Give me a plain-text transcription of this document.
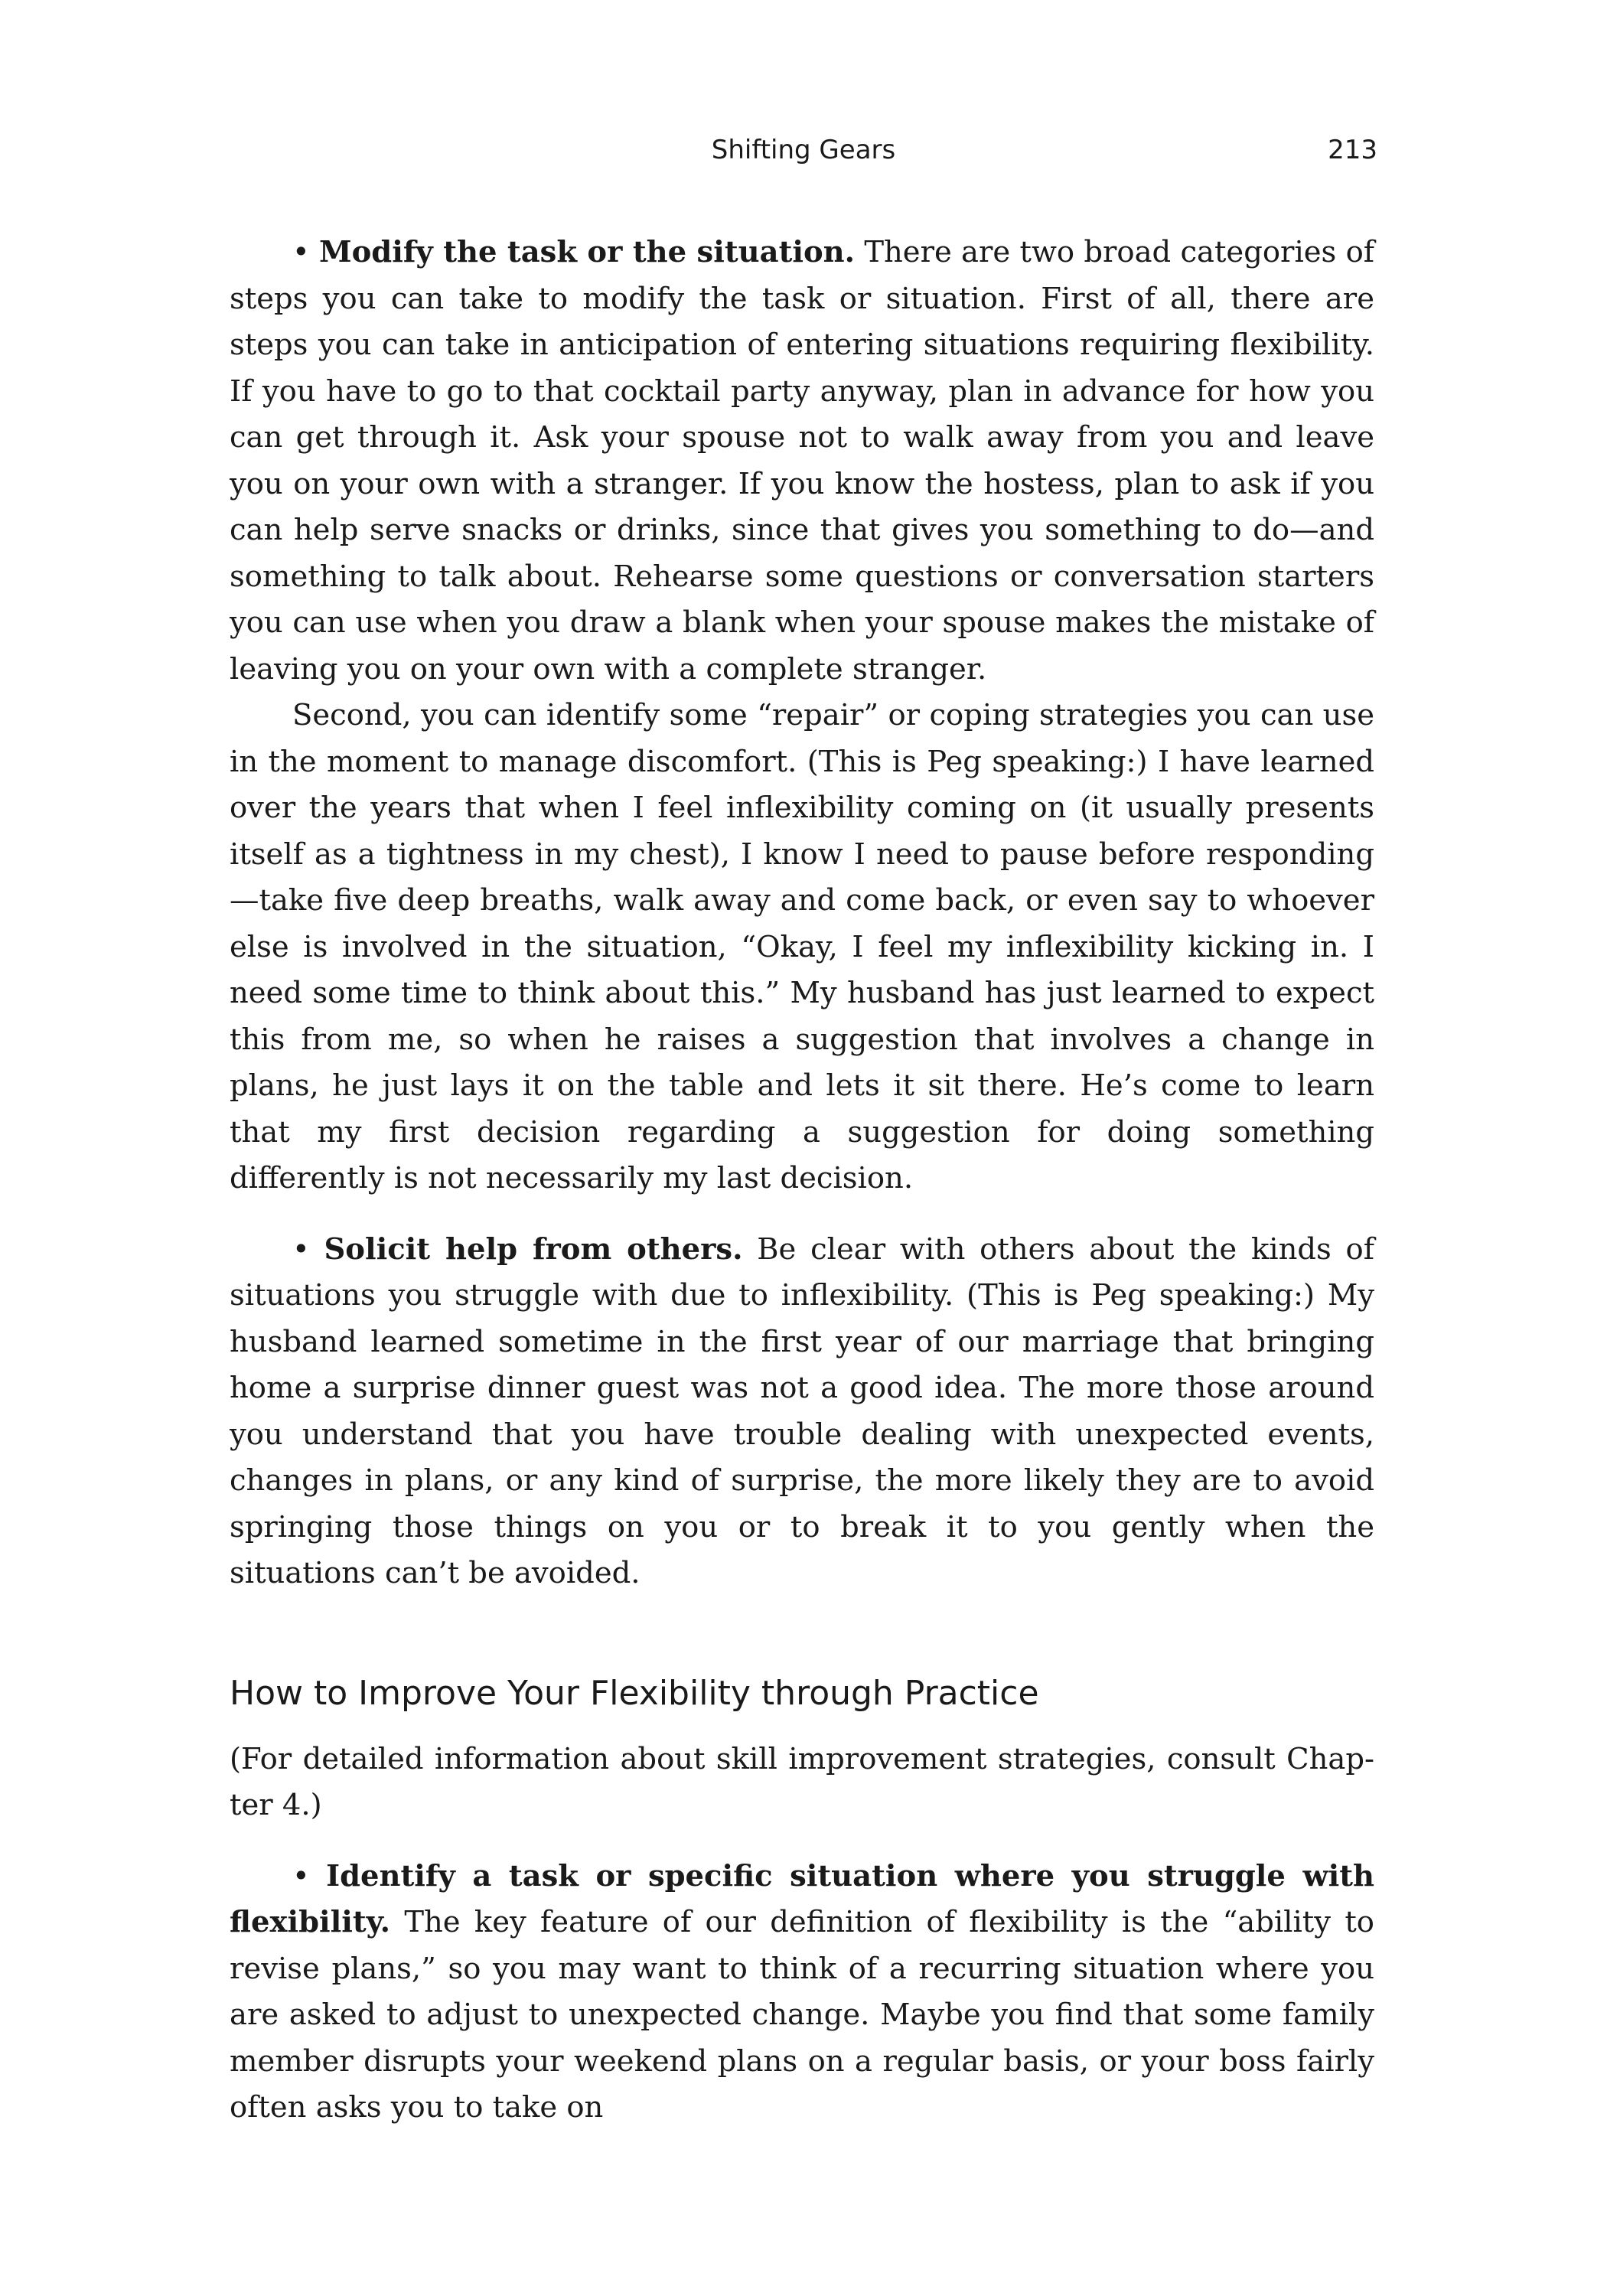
Shifting Gears	213

• Modify the task or the situation. There are two broad categories of steps you can take to modify the task or situation. First of all, there are steps you can take in anticipation of entering situations requiring flexibility. If you have to go to that cocktail party anyway, plan in advance for how you can get through it. Ask your spouse not to walk away from you and leave you on your own with a stranger. If you know the hostess, plan to ask if you can help serve snacks or drinks, since that gives you something to do—and something to talk about. Rehearse some questions or conversation starters you can use when you draw a blank when your spouse makes the mistake of leaving you on your own with a complete stranger.

Second, you can identify some “repair” or coping strategies you can use in the moment to manage discomfort. (This is Peg speaking:) I have learned over the years that when I feel inflexibility coming on (it usually presents itself as a tightness in my chest), I know I need to pause before responding—take five deep breaths, walk away and come back, or even say to whoever else is involved in the situation, “Okay, I feel my inflexibility kicking in. I need some time to think about this.” My husband has just learned to expect this from me, so when he raises a suggestion that involves a change in plans, he just lays it on the table and lets it sit there. He’s come to learn that my first decision regarding a suggestion for doing something differently is not necessarily my last decision.

• Solicit help from others. Be clear with others about the kinds of situations you struggle with due to inflexibility. (This is Peg speaking:) My husband learned sometime in the first year of our marriage that bringing home a surprise dinner guest was not a good idea. The more those around you understand that you have trouble dealing with unexpected events, changes in plans, or any kind of surprise, the more likely they are to avoid springing those things on you or to break it to you gently when the situations can’t be avoided.

How to Improve Your Flexibility through Practice

(For detailed information about skill improvement strategies, consult Chapter 4.)

• Identify a task or specific situation where you struggle with flexibility. The key feature of our definition of flexibility is the “ability to revise plans,” so you may want to think of a recurring situation where you are asked to adjust to unexpected change. Maybe you find that some family member disrupts your weekend plans on a regular basis, or your boss fairly often asks you to take on
